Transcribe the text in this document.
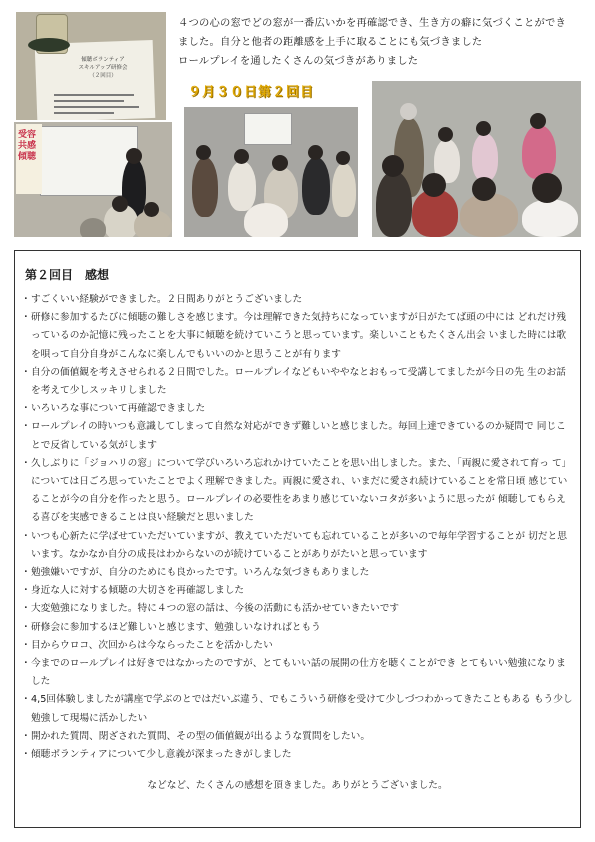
傾聴ボランティア
スキルアップ研修会
（２回目）
４つの心の窓でどの窓が一番広いかを再確認でき、生き方の癖に気づくことができ
ました。自分と他者の距離感を上手に取ることにも気づきました
ロールプレイを通したくさんの気づきがありました
９月３０日第２回目
受容
共感
傾聴
第２回目　感想
・ すごくいい経験ができました。２日間ありがとうございました
・ 研修に参加するたびに傾聴の難しさを感じます。今は理解できた気持ちになっていますが日がたてば頭の中には どれだけ残っているのか記憶に残ったことを大事に傾聴を続けていこうと思っています。楽しいこともたくさん出会 いました時には歌を唄って自分自身がこんなに楽しんでもいいのかと思うことが有ります
・ 自分の価値観を考えさせられる２日間でした。ロールプレイなどもいややなとおもって受講してましたが今日の先 生のお話を考えて少しスッキリしました
・ いろいろな事について再確認できました
・ ロールプレイの時いつも意識してしまって自然な対応ができず難しいと感じました。毎回上達できているのか疑問で 同じことで反省している気がします
・ 久しぶりに「ジョハリの窓」について学びいろいろ忘れかけていたことを思い出しました。また、「両親に愛されて育っ て」については日ごろ思っていたことでよく理解できました。両親に愛され、いまだに愛され続けていることを常日頃 感じていることが今の自分を作ったと思う。ロールプレイの必要性をあまり感じていないコタが多いように思ったが 傾聴してもらえる喜びを実感できることは良い経験だと思いました
・ いつも心新たに学ばせていただいていますが、教えていただいても忘れていることが多いので毎年学習することが 切だと思います。なかなか自分の成長はわからないのが続けていることがありがたいと思っています
・ 勉強嫌いですが、自分のためにも良かったです。いろんな気づきもありました
・ 身近な人に対する傾聴の大切さを再確認しました
・ 大変勉強になりました。特に４つの窓の話は、今後の活動にも活かせていきたいです
・ 研修会に参加するほど難しいと感じます、勉強しいなければともう
・ 目からウロコ、次回からは今ならったことを活かしたい
・ 今までのロールプレイは好きではなかったのですが、とてもいい話の展開の仕方を聴くことができ とてもいい勉強になりました
・ 4,5回体験しましたが講座で学ぶのとではだいぶ違う、でもこういう研修を受けて少しづつわかってきたこともある もう少し勉強して現場に活かしたい
・ 開かれた質問、閉ざされた質問、その型の価値観が出るような質問をしたい。
・ 傾聴ボランティアについて少し意義が深まったきがしました
などなど、たくさんの感想を頂きました。ありがとうございました。
